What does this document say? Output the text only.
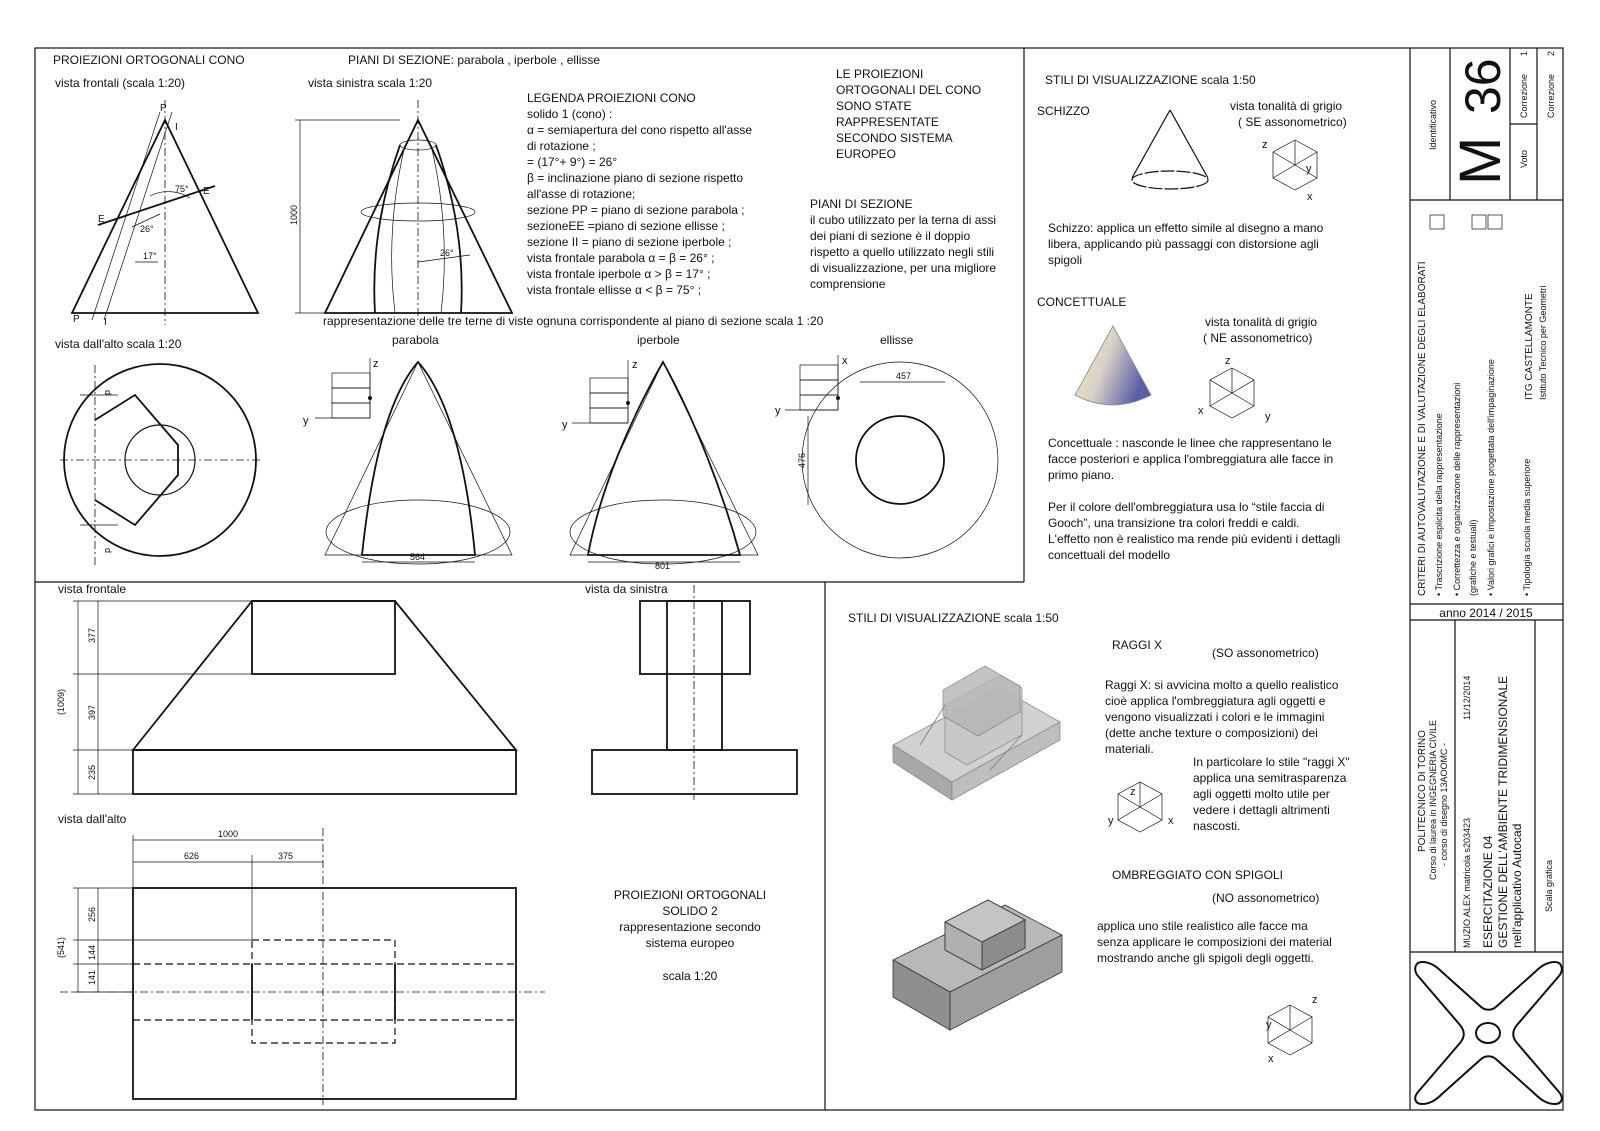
PROIEZIONI ORTOGONALI CONO	PIANI DI SEZIONE: parabola , iperbole , ellisse
vista frontali (scala 1:20)	vista sinistra scala 1:20
P
I
E
E
P I
26°
17°
75°
1000
26°
LEGENDA PROIEZIONI CONO
solido 1 (cono) :
α = semiapertura del cono rispetto all'asse
di rotazione ;
= (17°+ 9°) = 26°
β = inclinazione piano di sezione rispetto
all'asse di rotazione;
sezione PP = piano di sezione parabola ;
sezioneEE =piano di sezione ellisse ;
sezione II = piano di sezione iperbole ;
vista frontale parabola α = β = 26° ;
vista frontale iperbole α > β = 17° ;
vista frontale ellisse α < β = 75° ;
LE PROIEZIONI
ORTOGONALI DEL CONO
SONO STATE
RAPPRESENTATE
SECONDO SISTEMA
EUROPEO
PIANI DI SEZIONE
il cubo utilizzato per la terna di assi
dei piani di sezione è il doppio
rispetto a quello utilizzato negli stili
di visualizzazione, per una migliore
comprensione
rappresentazione delle tre terne di viste ognuna corrispondente al piano di sezione scala 1 :20
vista dall'alto scala 1:20
d
d
parabola
z
y
564
iperbole
z
y
801
ellisse
x
y
457
476
STILI DI VISUALIZZAZIONE scala 1:50
SCHIZZO	vista tonalità di grigio
( SE assonometrico)
z
y
x
Schizzo: applica un effetto simile al disegno a mano
libera, applicando più passaggi con distorsione agli
spigoli
CONCETTUALE
vista tonalità di grigio
( NE assonometrico)
z
x	y
Concettuale : nasconde le linee che rappresentano le
facce posteriori e applica l'ombreggiatura alle facce in
primo piano.
Per il colore dell'ombreggiatura usa lo “stile faccia di
Gooch”, una transizione tra colori freddi e caldi.
L'effetto non è realistico ma rende più evidenti i dettagli
concettuali del modello
vista frontale	vista da sinistra
vista dall'alto
377
397
235
(1009)
1000
626	375
256
144
141
(541)
PROIEZIONI ORTOGONALI
SOLIDO 2
rappresentazione secondo
sistema europeo
scala 1:20
STILI DI VISUALIZZAZIONE scala 1:50
RAGGI X
(SO assonometrico)
Raggi X: si avvicina molto a quello realistico
cioè applica l'ombreggiatura agli oggetti e
vengono visualizzati i colori e le immagini
(dette anche texture o composizioni) dei
materiali.
In particolare lo stile "raggi X"
applica una semitrasparenza
agli oggetti molto utile per
vedere i dettagli altrimenti
nascosti.
z
y	x
OMBREGGIATO CON SPIGOLI
(NO assonometrico)
applica uno stile realistico alle facce ma
senza applicare le composizioni dei material
mostrando anche gli spigoli degli oggetti.
z
y
x
Identificativo
M
36
Voto
Correzione
1
Correzione
2
CRITERI DI AUTOVALUTAZIONE E DI VALUTAZIONE DEGLI ELABORATI • Trascrizione esplicita della rappresentazione • Correttezza e organizzazione delle rappresentazioni (grafiche e testuali) • Valori grafici e impostazione progettata dell'impaginazione	• Tipologia scuola media superiore
ITG CASTELLAMONTE Istituto Tecnico per Geometri
anno 2014 / 2015
POLITECNICO DI TORINO Corso di laurea in INGEGNERIA CIVILE - corso di disegno 13AOOMC -
MUZIO ALEX matricola s203423
11/12/2014
ESERCITAZIONE 04 GESTIONE DELL'AMBIENTE TRIDIMENSIONALE nell'applicativo Autocad Scala grafica
